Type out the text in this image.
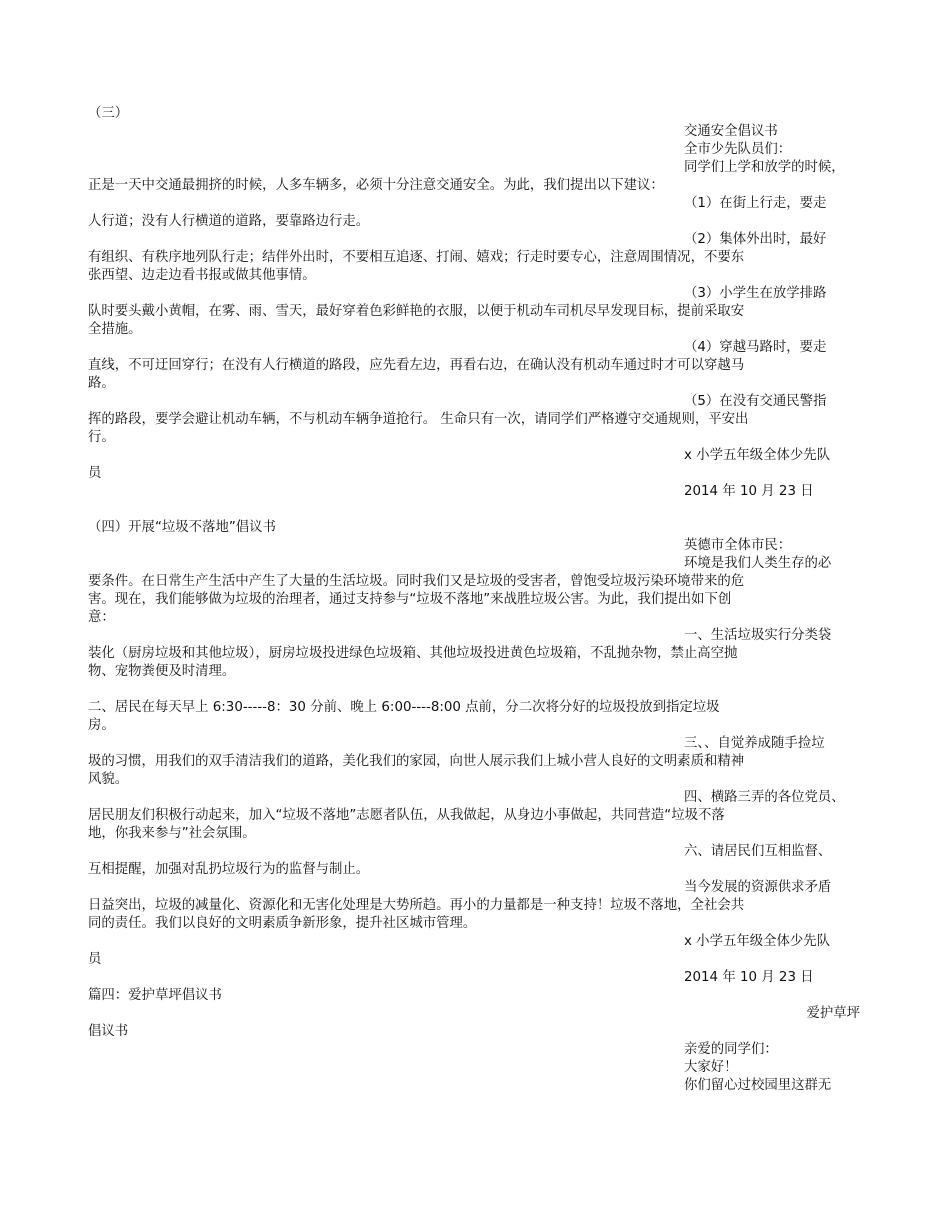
（三）
交通安全倡议书
全市少先队员们：
同学们上学和放学的时候，
正是一天中交通最拥挤的时候，人多车辆多，必须十分注意交通安全。为此，我们提出以下建议：
（1）在街上行走，要走
人行道；没有人行横道的道路，要靠路边行走。
（2）集体外出时，最好
有组织、有秩序地列队行走；结伴外出时，不要相互追逐、打闹、嬉戏；行走时要专心，注意周围情况，不要东
张西望、边走边看书报或做其他事情。
（3）小学生在放学排路
队时要头戴小黄帽，在雾、雨、雪天，最好穿着色彩鲜艳的衣服，以便于机动车司机尽早发现目标，提前采取安
全措施。
（4）穿越马路时，要走
直线，不可迂回穿行；在没有人行横道的路段，应先看左边，再看右边，在确认没有机动车通过时才可以穿越马
路。
（5）在没有交通民警指
挥的路段，要学会避让机动车辆，不与机动车辆争道抢行。 生命只有一次，请同学们严格遵守交通规则，平安出
行。
x 小学五年级全体少先队
员
2014 年 10 月 23 日
（四）开展“垃圾不落地”倡议书
英德市全体市民：
环境是我们人类生存的必
要条件。在日常生产生活中产生了大量的生活垃圾。同时我们又是垃圾的受害者，曾饱受垃圾污染环境带来的危
害。现在，我们能够做为垃圾的治理者，通过支持参与“垃圾不落地”来战胜垃圾公害。为此，我们提出如下创
意：
一、生活垃圾实行分类袋
装化（厨房垃圾和其他垃圾），厨房垃圾投进绿色垃圾箱、其他垃圾投进黄色垃圾箱，不乱抛杂物，禁止高空抛
物、宠物粪便及时清理。
二、居民在每天早上 6:30-----8：30 分前、晚上 6:00----8:00 点前，分二次将分好的垃圾投放到指定垃圾
房。
三、、自觉养成随手捡垃
圾的习惯，用我们的双手清洁我们的道路，美化我们的家园，向世人展示我们上城小营人良好的文明素质和精神
风貌。
四、横路三弄的各位党员、
居民朋友们积极行动起来，加入“垃圾不落地”志愿者队伍，从我做起，从身边小事做起，共同营造“垃圾不落
地，你我来参与”社会氛围。
六、请居民们互相监督、
互相提醒，加强对乱扔垃圾行为的监督与制止。
当今发展的资源供求矛盾
日益突出，垃圾的减量化、资源化和无害化处理是大势所趋。再小的力量都是一种支持！垃圾不落地，全社会共
同的责任。我们以良好的文明素质争新形象，提升社区城市管理。
x 小学五年级全体少先队
员
2014 年 10 月 23 日
篇四：爱护草坪倡议书
爱护草坪
倡议书
亲爱的同学们：
大家好！
你们留心过校园里这群无
